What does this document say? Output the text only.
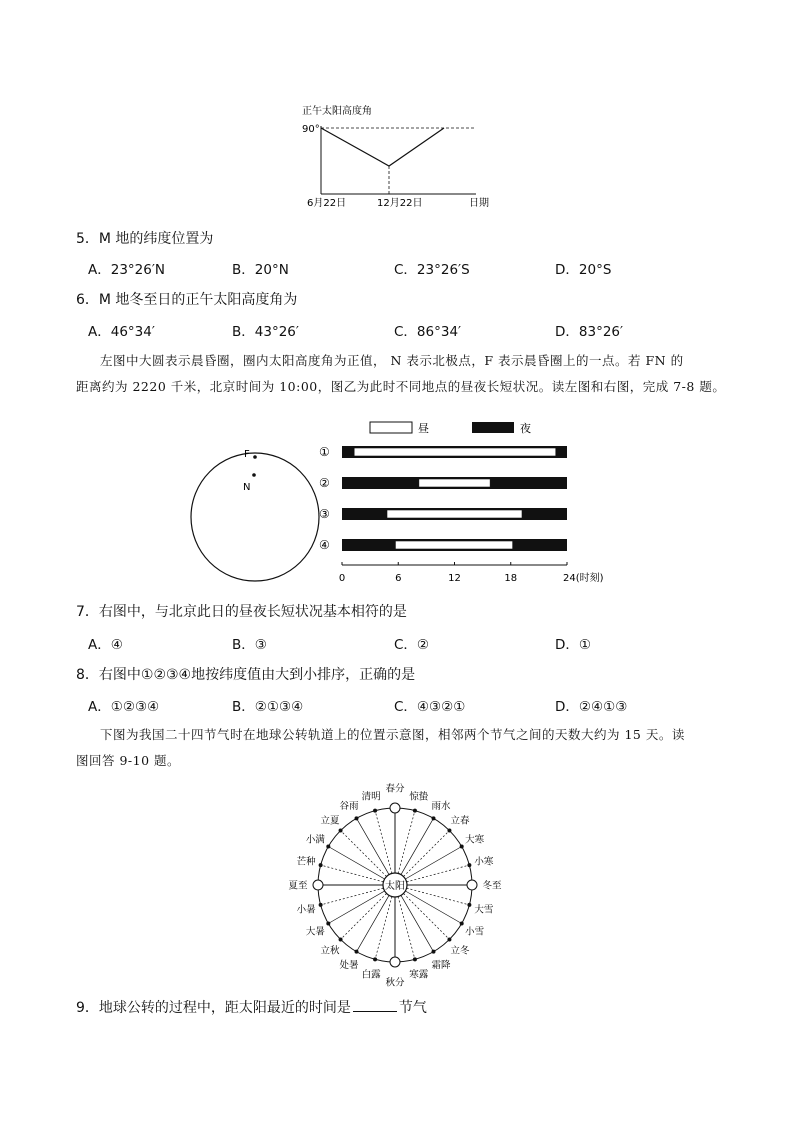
正午太阳高度角
90°
6月22日	12月22日	日期
5．M 地的纬度位置为
A．23°26′N	B．20°N	C．23°26′S	D．20°S
6．M 地冬至日的正午太阳高度角为
A．46°34′	B．43°26′	C．86°34′	D．83°26′
左图中大圆表示晨昏圈，圈内太阳高度角为正值， N 表示北极点，F 表示晨昏圈上的一点。若 FN 的
距离约为 2220 千米，北京时间为 10:00，图乙为此时不同地点的昼夜长短状况。读左图和右图，完成 7-8 题。
F
N
昼	夜
①
②
③
④
0	6	12	18	24(时刻)
7．右图中，与北京此日的昼夜长短状况基本相符的是
A．④	B．③	C．②	D．①
8．右图中①②③④地按纬度值由大到小排序，正确的是
A．①②③④	B．②①③④	C．④③②①	D．②④①③
下图为我国二十四节气时在地球公转轨道上的位置示意图，相邻两个节气之间的天数大约为 15 天。读
图回答 9-10 题。
太阳
春分
惊蛰
雨水
立春
大寒
小寒
冬至
大雪
小雪
立冬
霜降
寒露
秋分
白露
处暑
立秋
大暑
小暑
夏至
芒种
小满
立夏
谷雨
清明
9．地球公转的过程中，距太阳最近的时间是	节气
